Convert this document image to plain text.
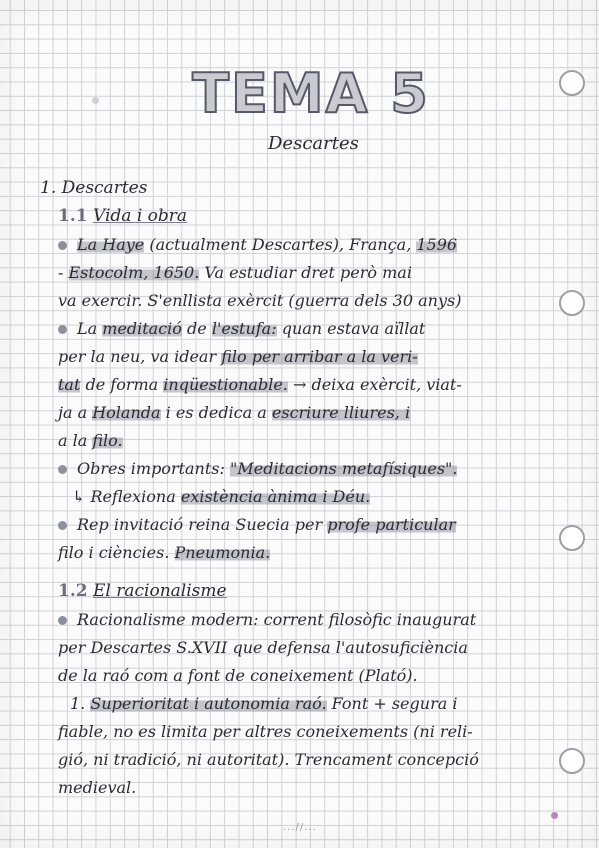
TEMA 5
Descartes
1. Descartes
1.1 Vida i obra
La Haye (actualment Descartes), França, 1596
- Estocolm, 1650. Va estudiar dret però mai
va exercir. S'enllista exèrcit (guerra dels 30 anys)
La meditació de l'estufa: quan estava aïllat
per la neu, va idear filo per arribar a la veri-
tat de forma inqüestionable. → deixa exèrcit, viat-
ja a Holanda i es dedica a escriure lliures, i
a la filo.
Obres importants: "Meditacions metafísiques".
↳ Reflexiona existència ànima i Déu.
Rep invitació reina Suecia per profe particular
filo i ciències. Pneumonia.
1.2 El racionalisme
Racionalisme modern: corrent filosòfic inaugurat
per Descartes S.XVII que defensa l'autosuficiència
de la raó com a font de coneixement (Plató).
1. Superioritat i autonomia raó. Font + segura i
fiable, no es limita per altres coneixements (ni reli-
gió, ni tradició, ni autoritat). Trencament concepció
medieval.
...//...
